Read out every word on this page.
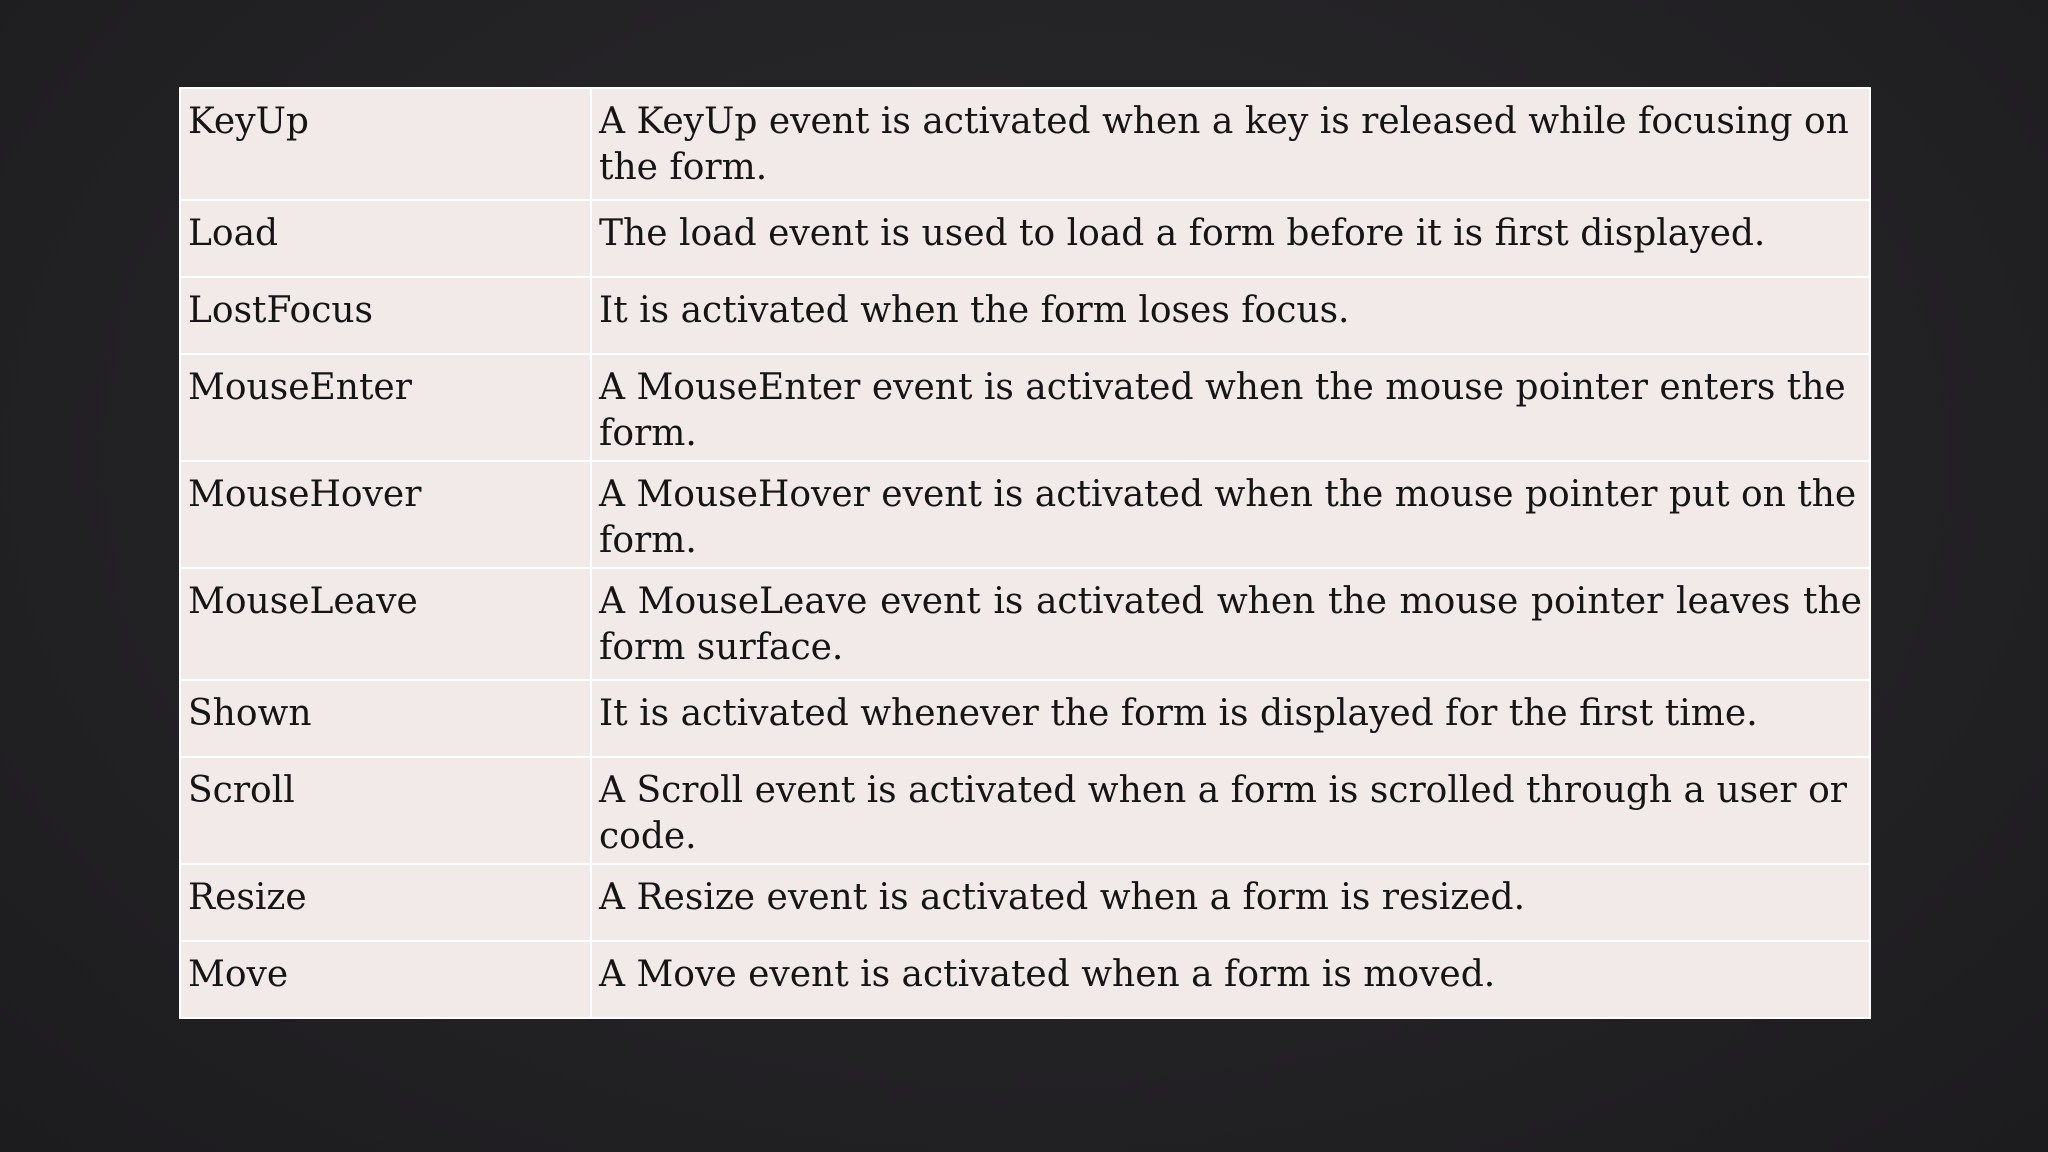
KeyUp	A KeyUp event is activated when a key is released while focusing on the form.
Load	The load event is used to load a form before it is first displayed.
LostFocus	It is activated when the form loses focus.
MouseEnter	A MouseEnter event is activated when the mouse pointer enters the form.
MouseHover	A MouseHover event is activated when the mouse pointer put on the form.
MouseLeave	A MouseLeave event is activated when the mouse pointer leaves the form surface.
Shown	It is activated whenever the form is displayed for the first time.
Scroll	A Scroll event is activated when a form is scrolled through a user or code.
Resize	A Resize event is activated when a form is resized.
Move	A Move event is activated when a form is moved.
